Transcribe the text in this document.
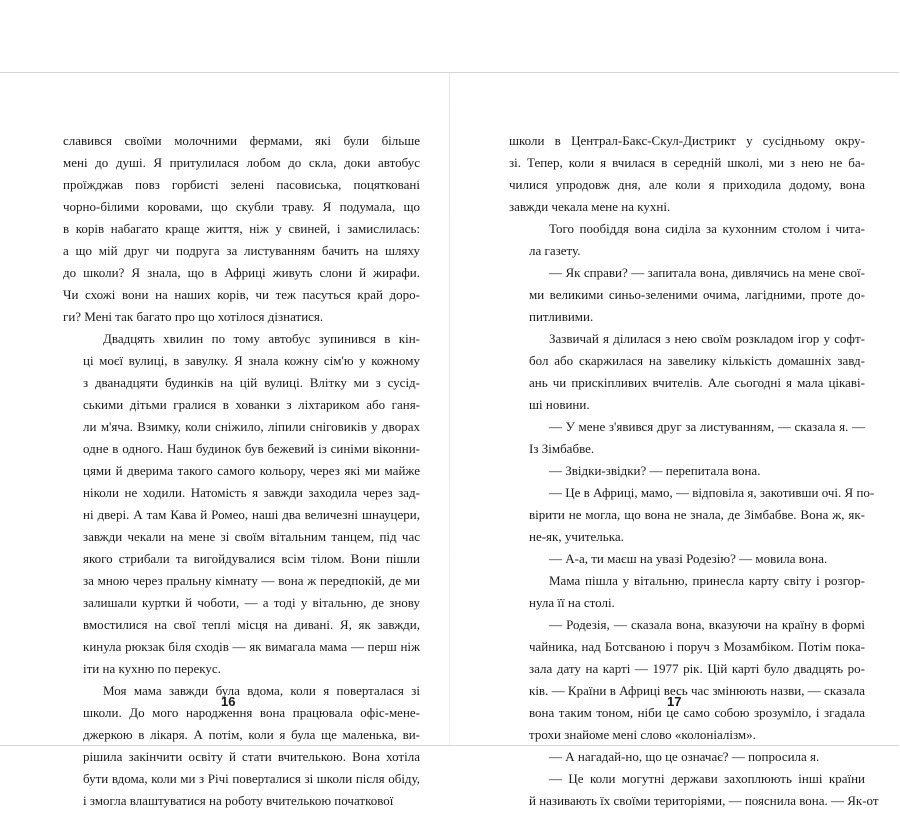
славився своїми молочними фермами, які були більше
мені до душі. Я притулилася лобом до скла, доки автобус
проїжджав повз горбисті зелені пасовиська, поцятковані
чорно-білими коровами, що скубли траву. Я подумала, що
в корів набагато краще життя, ніж у свиней, і замислилась:
а що мій друг чи подруга за листуванням бачить на шляху
до школи? Я знала, що в Африці живуть слони й жирафи.
Чи схожі вони на наших корів, чи теж пасуться край доро-
ги? Мені так багато про що хотілося дізнатися.

Двадцять хвилин по тому автобус зупинився в кін-
ці моєї вулиці, в завулку. Я знала кожну сім'ю у кожному
з дванадцяти будинків на цій вулиці. Влітку ми з сусід-
ськими дітьми гралися в хованки з ліхтариком або ганя-
ли м'яча. Взимку, коли сніжило, ліпили сніговиків у дворах
одне в одного. Наш будинок був бежевий із синіми віконни-
цями й дверима такого самого кольору, через які ми майже
ніколи не ходили. Натомість я завжди заходила через зад-
ні двері. А там Кава й Ромео, наші два величезні шнауцери,
завжди чекали на мене зі своїм вітальним танцем, під час
якого стрибали та вигойдувалися всім тілом. Вони пішли
за мною через пральну кімнату — вона ж передпокій, де ми
залишали куртки й чоботи, — а тоді у вітальню, де знову
вмостилися на свої теплі місця на дивані. Я, як завжди,
кинула рюкзак біля сходів — як вимагала мама — перш ніж
іти на кухню по перекус.

Моя мама завжди була вдома, коли я поверталася зі
школи. До мого народження вона працювала офіс-мене-
джеркою в лікаря. А потім, коли я була ще маленька, ви-
рішила закінчити освіту й стати вчителькою. Вона хотіла
бути вдома, коли ми з Річі поверталися зі школи після обіду,
і змогла влаштуватися на роботу вчителькою початкової

школи в Централ-Бакс-Скул-Дистрикт у сусідньому окру-
зі. Тепер, коли я вчилася в середній школі, ми з нею не ба-
чилися упродовж дня, але коли я приходила додому, вона
завжди чекала мене на кухні.

Того пообіддя вона сиділа за кухонним столом і чита-
ла газету.

— Як справи? — запитала вона, дивлячись на мене свої-
ми великими синьо-зеленими очима, лагідними, проте до-
питливими.

Зазвичай я ділилася з нею своїм розкладом ігор у софт-
бол або скаржилася на завелику кількість домашніх завд-
ань чи прискіпливих вчителів. Але сьогодні я мала цікаві-
ші новини.

— У мене з'явився друг за листуванням, — сказала я. —
Із Зімбабве.

— Звідки-звідки? — перепитала вона.

— Це в Африці, мамо, — відповіла я, закотивши очі. Я по-
вірити не могла, що вона не знала, де Зімбабве. Вона ж, як-
не-як, учителька.

— А-а, ти маєш на увазі Родезію? — мовила вона.

Мама пішла у вітальню, принесла карту світу і розгор-
нула її на столі.

— Родезія, — сказала вона, вказуючи на країну в формі
чайника, над Ботсваною і поруч з Мозамбіком. Потім пока-
зала дату на карті — 1977 рік. Цій карті було двадцять ро-
ків. — Країни в Африці весь час змінюють назви, — сказала
вона таким тоном, ніби це само собою зрозуміло, і згадала
трохи знайоме мені слово «колоніалізм».

— А нагадай-но, що це означає? — попросила я.

— Це коли могутні держави захоплюють інші країни
й називають їх своїми територіями, — пояснила вона. — Як-от

16	17
